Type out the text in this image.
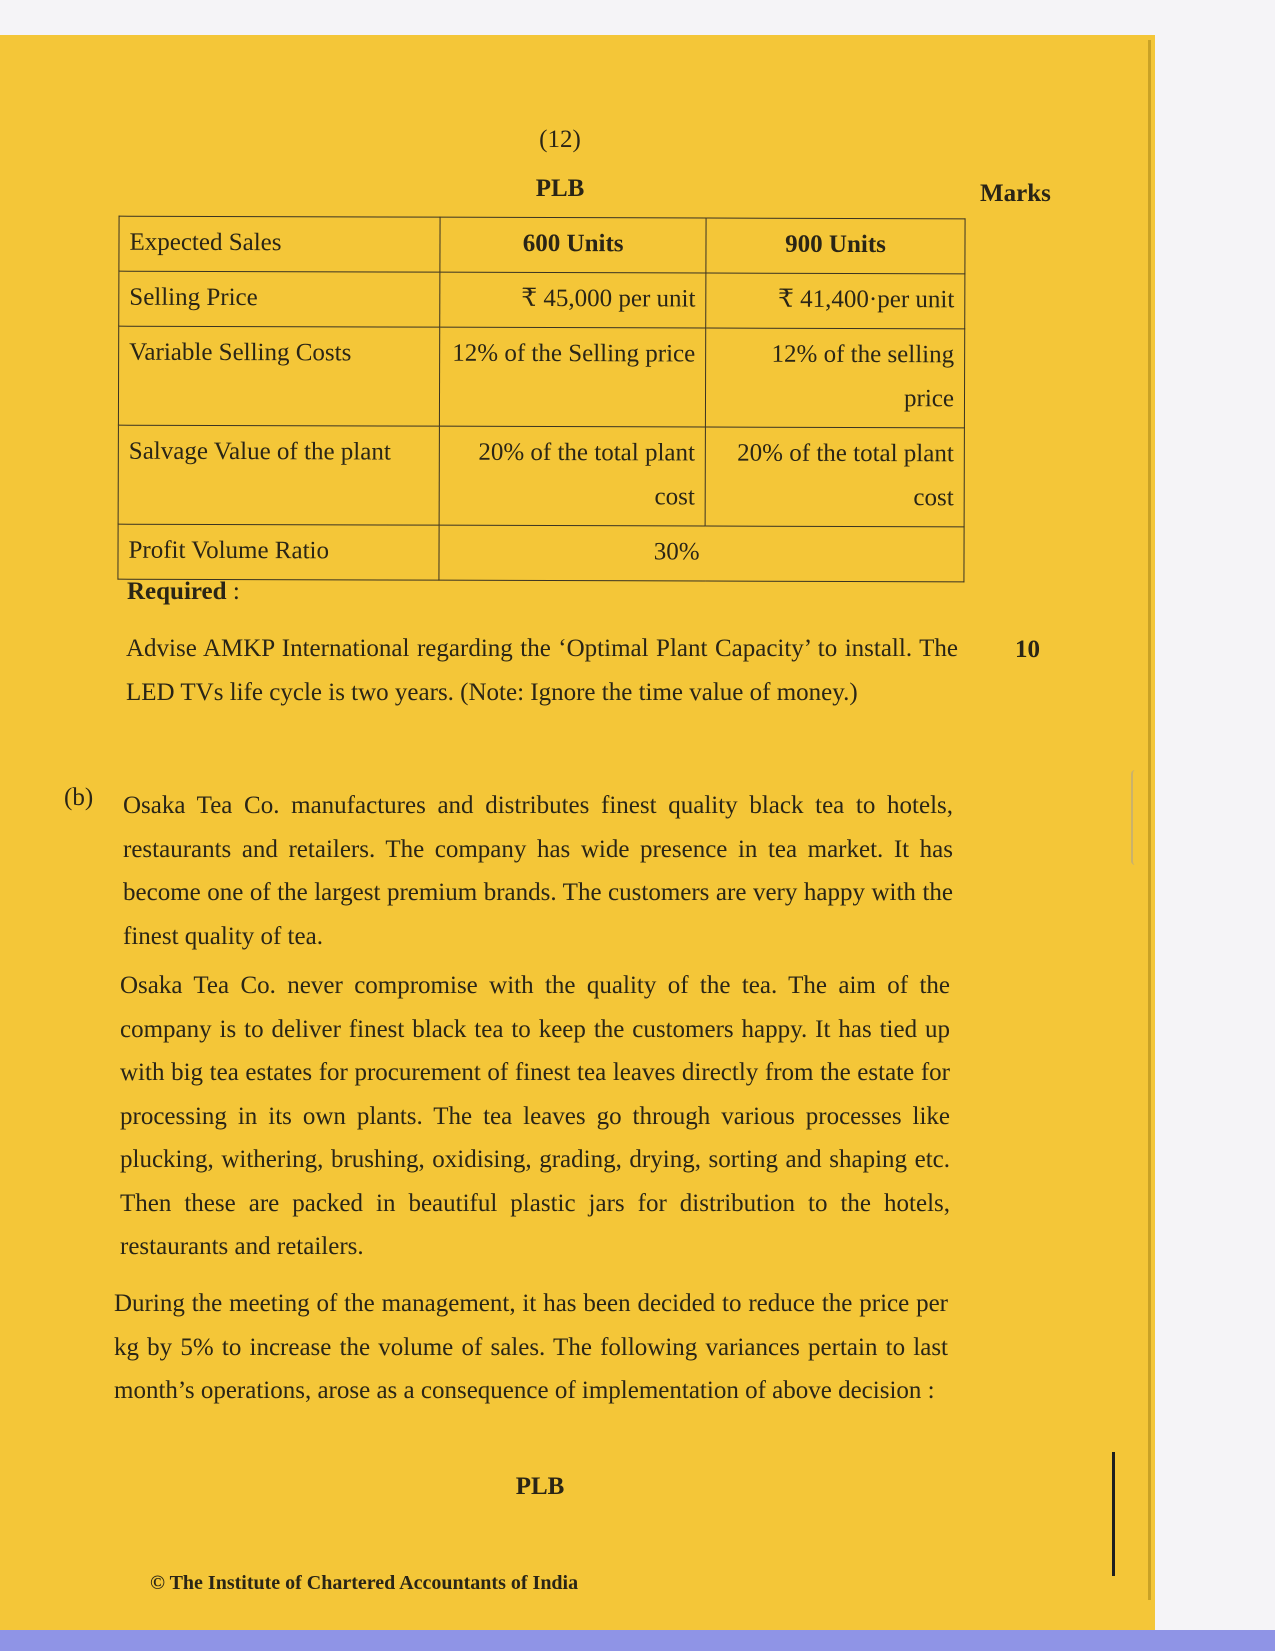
(12)
PLB	Marks
Expected Sales	600 Units	900 Units
Selling Price	₹ 45,000 per unit	₹ 41,400·per unit
Variable Selling Costs	12% of the Selling price	12% of the selling price
Salvage Value of the plant	20% of the total plant cost	20% of the total plant cost
Profit Volume Ratio	30%	
Required :

Advise AMKP International regarding the ‘Optimal Plant Capacity’ to install. The LED TVs life cycle is two years. (Note: Ignore the time value of money.)

10
(b) Osaka Tea Co. manufactures and distributes finest quality black tea to hotels, restaurants and retailers. The company has wide presence in tea market. It has become one of the largest premium brands. The customers are very happy with the finest quality of tea.

Osaka Tea Co. never compromise with the quality of the tea. The aim of the company is to deliver finest black tea to keep the customers happy. It has tied up with big tea estates for procurement of finest tea leaves directly from the estate for processing in its own plants. The tea leaves go through various processes like plucking, withering, brushing, oxidising, grading, drying, sorting and shaping etc. Then these are packed in beautiful plastic jars for distribution to the hotels, restaurants and retailers.

During the meeting of the management, it has been decided to reduce the price per kg by 5% to increase the volume of sales. The following variances pertain to last month’s operations, arose as a consequence of implementation of above decision :

PLB
© The Institute of Chartered Accountants of India
